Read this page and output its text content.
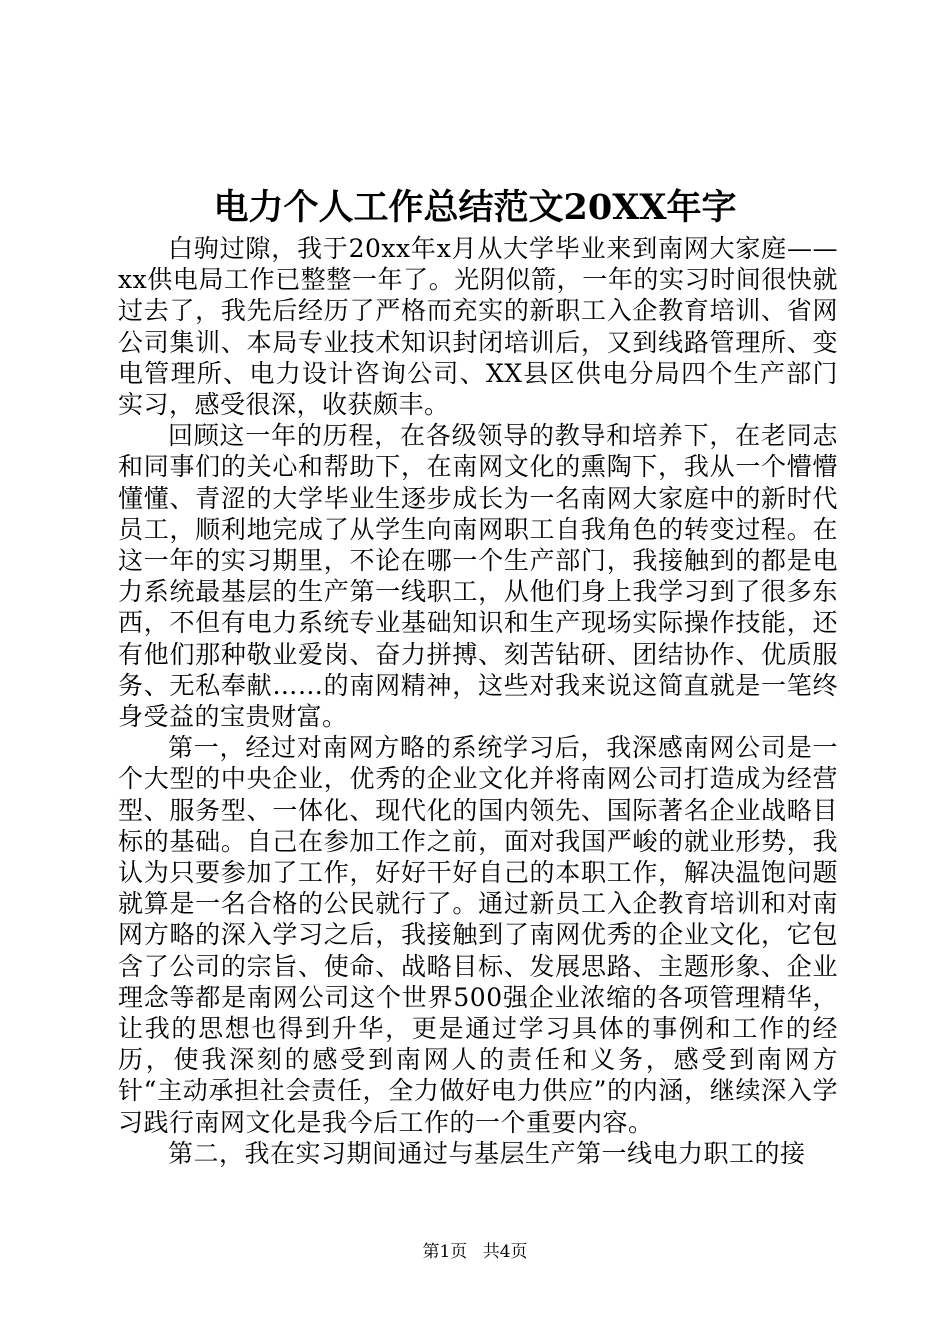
电力个人工作总结范文20XX年字

白驹过隙，我于20xx年x月从大学毕业来到南网大家庭——xx供电局工作已整整一年了。光阴似箭，一年的实习时间很快就过去了，我先后经历了严格而充实的新职工入企教育培训、省网公司集训、本局专业技术知识封闭培训后，又到线路管理所、变电管理所、电力设计咨询公司、XX县区供电分局四个生产部门实习，感受很深，收获颇丰。

回顾这一年的历程，在各级领导的教导和培养下，在老同志和同事们的关心和帮助下，在南网文化的熏陶下，我从一个懵懵懂懂、青涩的大学毕业生逐步成长为一名南网大家庭中的新时代员工，顺利地完成了从学生向南网职工自我角色的转变过程。在这一年的实习期里，不论在哪一个生产部门，我接触到的都是电力系统最基层的生产第一线职工，从他们身上我学习到了很多东西，不但有电力系统专业基础知识和生产现场实际操作技能，还有他们那种敬业爱岗、奋力拼搏、刻苦钻研、团结协作、优质服务、无私奉献……的南网精神，这些对我来说这简直就是一笔终身受益的宝贵财富。

第一，经过对南网方略的系统学习后，我深感南网公司是一个大型的中央企业，优秀的企业文化并将南网公司打造成为经营型、服务型、一体化、现代化的国内领先、国际著名企业战略目标的基础。自己在参加工作之前，面对我国严峻的就业形势，我认为只要参加了工作，好好干好自己的本职工作，解决温饱问题就算是一名合格的公民就行了。通过新员工入企教育培训和对南网方略的深入学习之后，我接触到了南网优秀的企业文化，它包含了公司的宗旨、使命、战略目标、发展思路、主题形象、企业理念等都是南网公司这个世界500强企业浓缩的各项管理精华，让我的思想也得到升华，更是通过学习具体的事例和工作的经历，使我深刻的感受到南网人的责任和义务，感受到南网方针“主动承担社会责任，全力做好电力供应”的内涵，继续深入学习践行南网文化是我今后工作的一个重要内容。

第二，我在实习期间通过与基层生产第一线电力职工的接

第1页 共4页
